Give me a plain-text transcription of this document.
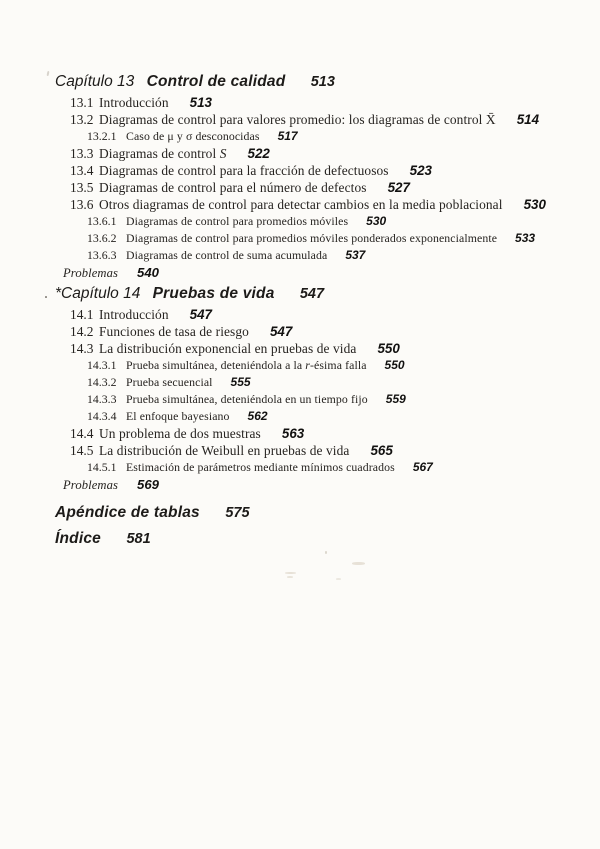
Capítulo 13 Control de calidad 513
13.1 Introducción 513
13.2 Diagramas de control para valores promedio: los diagramas de control X̄ 514
13.2.1 Caso de μ y σ desconocidas 517
13.3 Diagramas de control S 522
13.4 Diagramas de control para la fracción de defectuosos 523
13.5 Diagramas de control para el número de defectos 527
13.6 Otros diagramas de control para detectar cambios en la media poblacional 530
13.6.1 Diagramas de control para promedios móviles 530
13.6.2 Diagramas de control para promedios móviles ponderados exponencialmente 533
13.6.3 Diagramas de control de suma acumulada 537
Problemas 540
*Capítulo 14 Pruebas de vida 547
14.1 Introducción 547
14.2 Funciones de tasa de riesgo 547
14.3 La distribución exponencial en pruebas de vida 550
14.3.1 Prueba simultánea, deteniéndola a la r-ésima falla 550
14.3.2 Prueba secuencial 555
14.3.3 Prueba simultánea, deteniéndola en un tiempo fijo 559
14.3.4 El enfoque bayesiano 562
14.4 Un problema de dos muestras 563
14.5 La distribución de Weibull en pruebas de vida 565
14.5.1 Estimación de parámetros mediante mínimos cuadrados 567
Problemas 569
Apéndice de tablas 575
Índice 581
